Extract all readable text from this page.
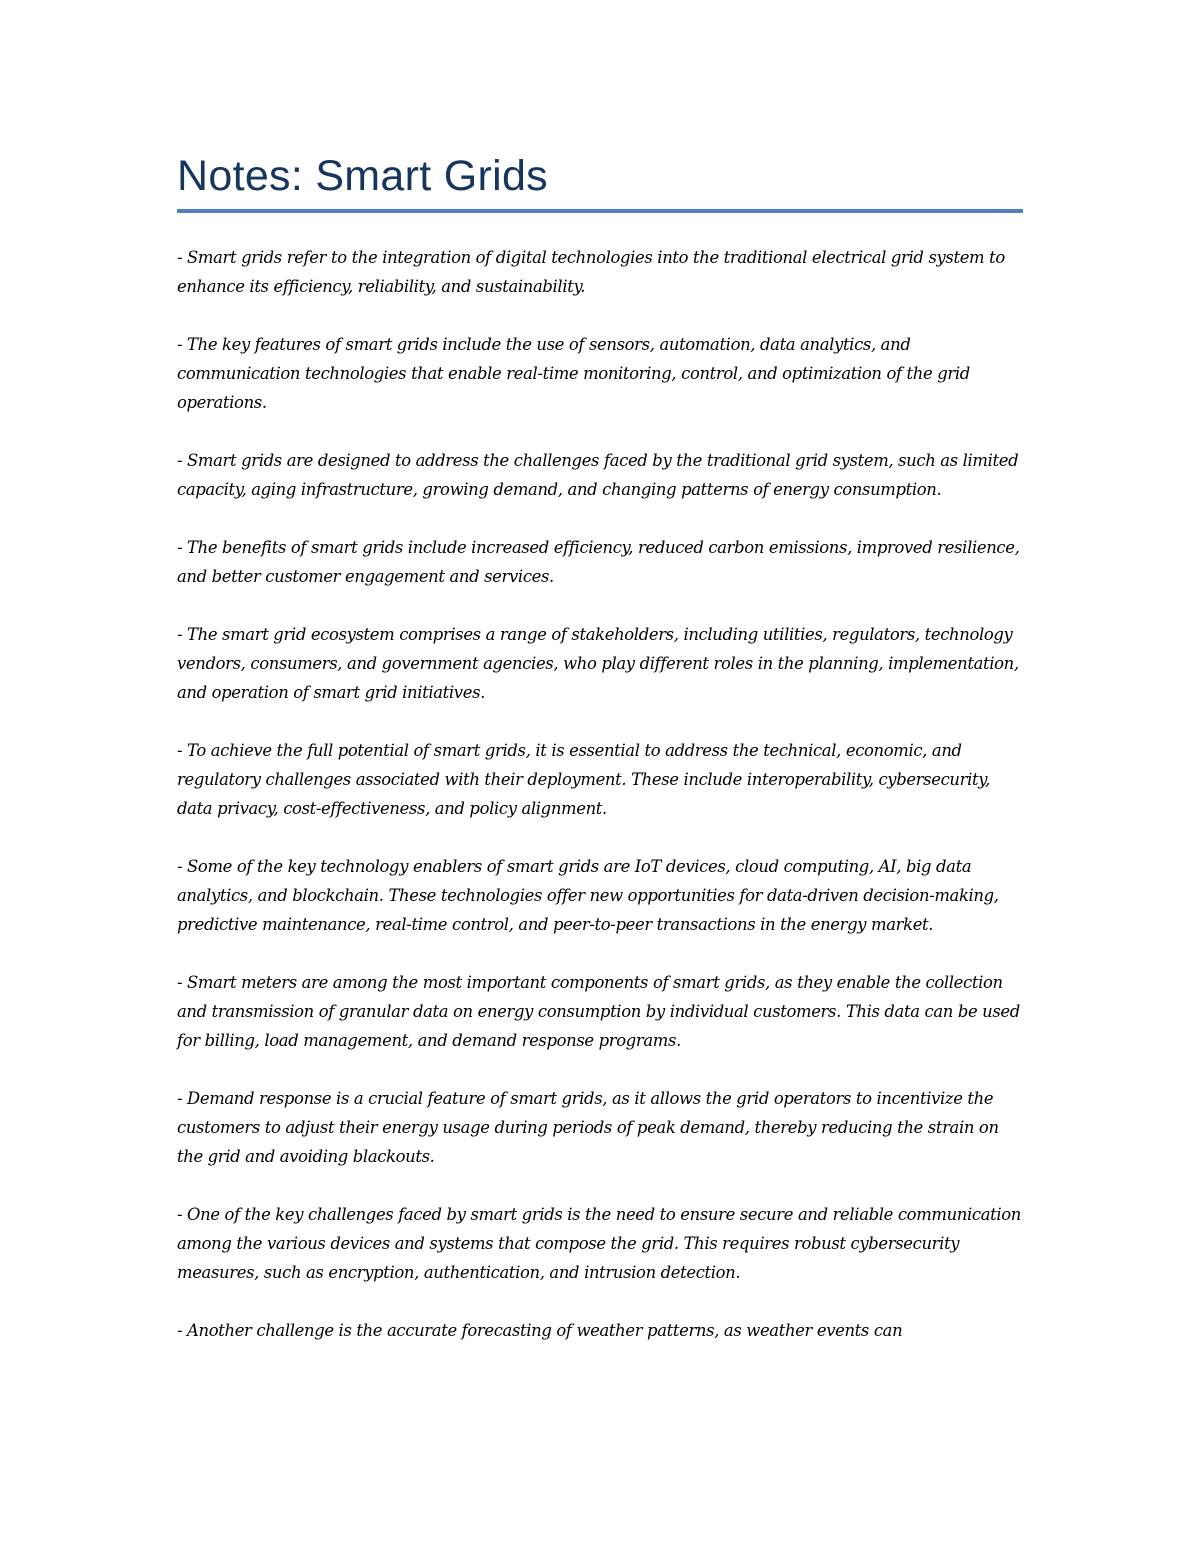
Notes: Smart Grids

- Smart grids refer to the integration of digital technologies into the traditional electrical grid system to enhance its efficiency, reliability, and sustainability.

- The key features of smart grids include the use of sensors, automation, data analytics, and communication technologies that enable real-time monitoring, control, and optimization of the grid operations.

- Smart grids are designed to address the challenges faced by the traditional grid system, such as limited capacity, aging infrastructure, growing demand, and changing patterns of energy consumption.

- The benefits of smart grids include increased efficiency, reduced carbon emissions, improved resilience, and better customer engagement and services.

- The smart grid ecosystem comprises a range of stakeholders, including utilities, regulators, technology vendors, consumers, and government agencies, who play different roles in the planning, implementation, and operation of smart grid initiatives.

- To achieve the full potential of smart grids, it is essential to address the technical, economic, and regulatory challenges associated with their deployment. These include interoperability, cybersecurity, data privacy, cost-effectiveness, and policy alignment.

- Some of the key technology enablers of smart grids are IoT devices, cloud computing, AI, big data analytics, and blockchain. These technologies offer new opportunities for data-driven decision-making, predictive maintenance, real-time control, and peer-to-peer transactions in the energy market.

- Smart meters are among the most important components of smart grids, as they enable the collection and transmission of granular data on energy consumption by individual customers. This data can be used for billing, load management, and demand response programs.

- Demand response is a crucial feature of smart grids, as it allows the grid operators to incentivize the customers to adjust their energy usage during periods of peak demand, thereby reducing the strain on the grid and avoiding blackouts.

- One of the key challenges faced by smart grids is the need to ensure secure and reliable communication among the various devices and systems that compose the grid. This requires robust cybersecurity measures, such as encryption, authentication, and intrusion detection.

- Another challenge is the accurate forecasting of weather patterns, as weather events can
